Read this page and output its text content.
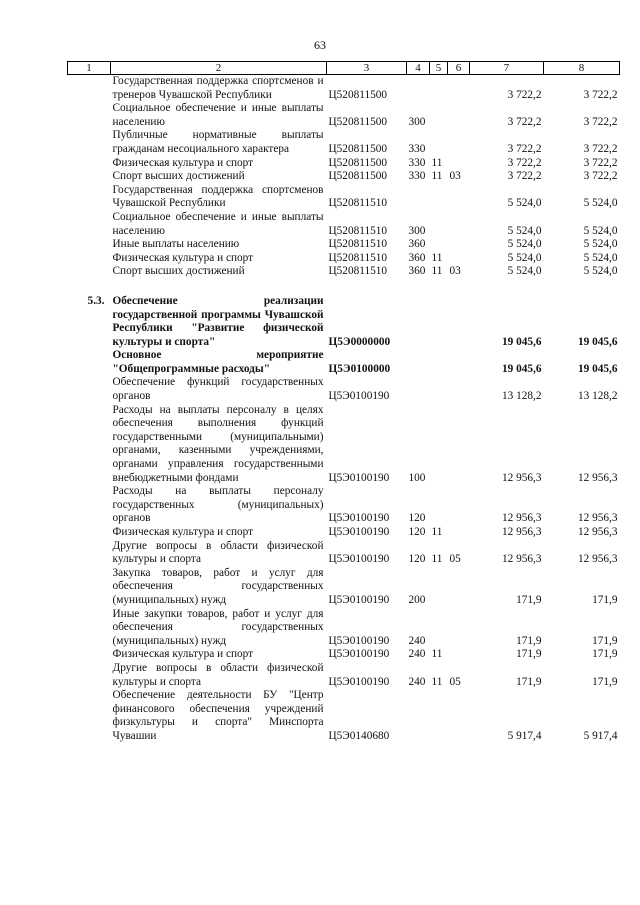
63
1	2	3	4	5	6	7	8
	Государственная поддержка спортсменов и тренеров Чувашской Республики	Ц520811500				3 722,2	3 722,2
	Социальное обеспечение и иные выплаты населению	Ц520811500	300			3 722,2	3 722,2
	Публичные нормативные выплаты гражданам несоциального характера	Ц520811500	330			3 722,2	3 722,2
	Физическая культура и спорт	Ц520811500	330	11		3 722,2	3 722,2
	Спорт высших достижений	Ц520811500	330	11	03	3 722,2	3 722,2
	Государственная поддержка спортсменов Чувашской Республики	Ц520811510				5 524,0	5 524,0
	Социальное обеспечение и иные выплаты населению	Ц520811510	300			5 524,0	5 524,0
	Иные выплаты населению	Ц520811510	360			5 524,0	5 524,0
	Физическая культура и спорт	Ц520811510	360	11		5 524,0	5 524,0
	Спорт высших достижений	Ц520811510	360	11	03	5 524,0	5 524,0

5.3.	Обеспечение реализации государственной программы Чувашской Республики "Развитие физической культуры и спорта"	Ц5Э0000000				19 045,6	19 045,6
	Основное мероприятие "Общепрограммные расходы"	Ц5Э0100000				19 045,6	19 045,6
	Обеспечение функций государственных органов	Ц5Э0100190				13 128,2	13 128,2
	Расходы на выплаты персоналу в целях обеспечения выполнения функций государственными (муниципальными) органами, казенными учреждениями, органами управления государственными внебюджетными фондами	Ц5Э0100190	100			12 956,3	12 956,3
	Расходы на выплаты персоналу государственных (муниципальных) органов	Ц5Э0100190	120			12 956,3	12 956,3
	Физическая культура и спорт	Ц5Э0100190	120	11		12 956,3	12 956,3
	Другие вопросы в области физической культуры и спорта	Ц5Э0100190	120	11	05	12 956,3	12 956,3
	Закупка товаров, работ и услуг для обеспечения государственных (муниципальных) нужд	Ц5Э0100190	200			171,9	171,9
	Иные закупки товаров, работ и услуг для обеспечения государственных (муниципальных) нужд	Ц5Э0100190	240			171,9	171,9
	Физическая культура и спорт	Ц5Э0100190	240	11		171,9	171,9
	Другие вопросы в области физической культуры и спорта	Ц5Э0100190	240	11	05	171,9	171,9
	Обеспечение деятельности БУ "Центр финансового обеспечения учреждений физкультуры и спорта" Минспорта Чувашии	Ц5Э0140680				5 917,4	5 917,4
